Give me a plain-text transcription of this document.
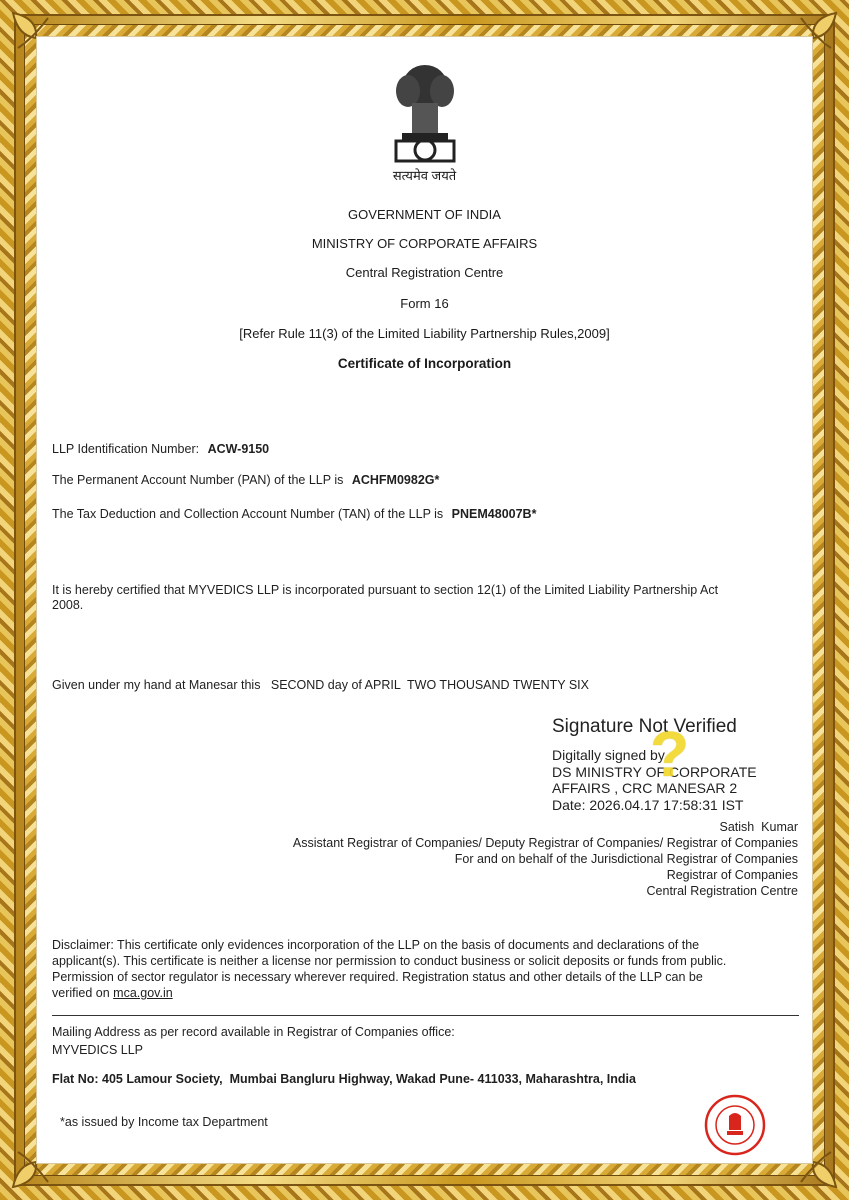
सत्यमेव जयते
GOVERNMENT OF INDIA
MINISTRY OF CORPORATE AFFAIRS
Central Registration Centre
Form 16
[Refer Rule 11(3) of the Limited Liability Partnership Rules,2009]
Certificate of Incorporation
LLP Identification Number: ACW-9150
The Permanent Account Number (PAN) of the LLP is ACHFM0982G*
The Tax Deduction and Collection Account Number (TAN) of the LLP is PNEM48007B*
It is hereby certified that MYVEDICS LLP is incorporated pursuant to section 12(1) of the Limited Liability Partnership Act
2008.
Given under my hand at Manesar this   SECOND day of APRIL  TWO THOUSAND TWENTY SIX
Signature Not Verified
Digitally signed by
DS MINISTRY OF CORPORATE
AFFAIRS , CRC MANESAR 2
Date: 2026.04.17 17:58:31 IST
?
Satish  Kumar
Assistant Registrar of Companies/ Deputy Registrar of Companies/ Registrar of Companies
For and on behalf of the Jurisdictional Registrar of Companies
Registrar of Companies
Central Registration Centre
Disclaimer: This certificate only evidences incorporation of the LLP on the basis of documents and declarations of the
applicant(s). This certificate is neither a license nor permission to conduct business or solicit deposits or funds from public.
Permission of sector regulator is necessary wherever required. Registration status and other details of the LLP can be
verified on mca.gov.in
Mailing Address as per record available in Registrar of Companies office:
MYVEDICS LLP
Flat No: 405 Lamour Society,  Mumbai Bangluru Highway, Wakad Pune- 411033, Maharashtra, India
*as issued by Income tax Department
